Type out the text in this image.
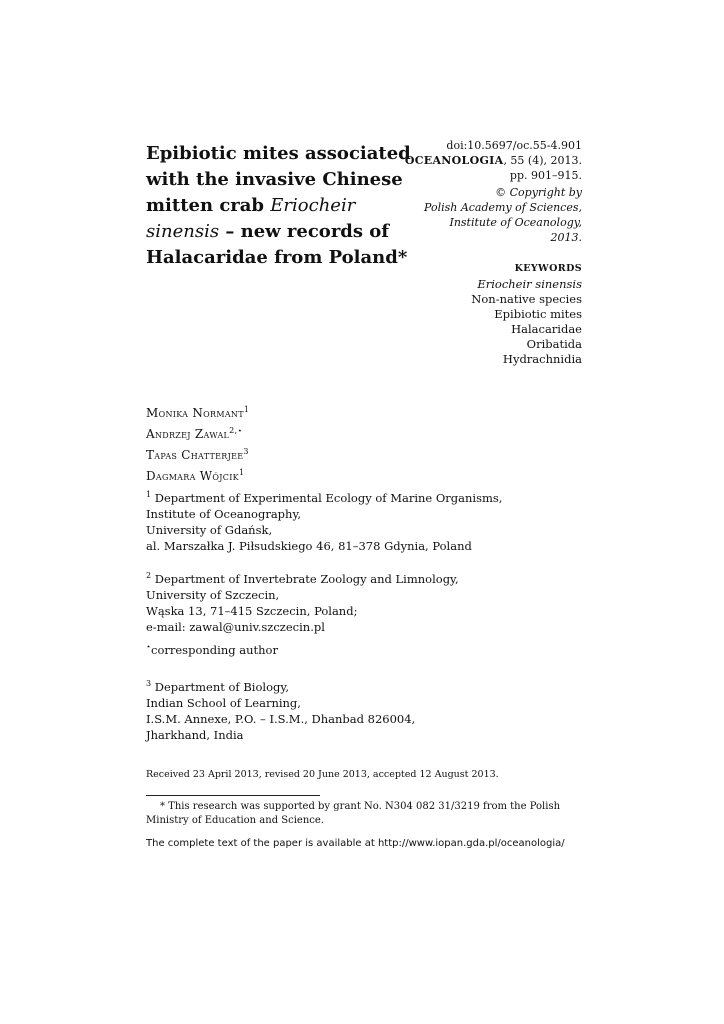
Epibiotic mites associated
with the invasive Chinese
mitten crab Eriocheir
sinensis – new records of
Halacaridae from Poland*
doi:10.5697/oc.55-4.901
OCEANOLOGIA, 55 (4), 2013.
pp. 901–915.
© Copyright by
Polish Academy of Sciences,
Institute of Oceanology,
2013.
KEYWORDS
Eriocheir sinensis
Non-native species
Epibiotic mites
Halacaridae
Oribatida
Hydrachnidia
Monika Normant$^1$
Andrzej Zawal$^{2,⋆}$
Tapas Chatterjee$^3$
Dagmara Wójcik$^1$
$^1$ Department of Experimental Ecology of Marine Organisms,
Institute of Oceanography,
University of Gdańsk,
al. Marszałka J. Piłsudskiego 46, 81–378 Gdynia, Poland
$^2$ Department of Invertebrate Zoology and Limnology,
University of Szczecin,
Wąska 13, 71–415 Szczecin, Poland;
e-mail: zawal@univ.szczecin.pl
⋆corresponding author
$^3$ Department of Biology,
Indian School of Learning,
I.S.M. Annexe, P.O. – I.S.M., Dhanbad 826004,
Jharkhand, India
Received 23 April 2013, revised 20 June 2013, accepted 12 August 2013.
* This research was supported by grant No. N304 082 31/3219 from the Polish Ministry of Education and Science.
The complete text of the paper is available at http://www.iopan.gda.pl/oceanologia/
